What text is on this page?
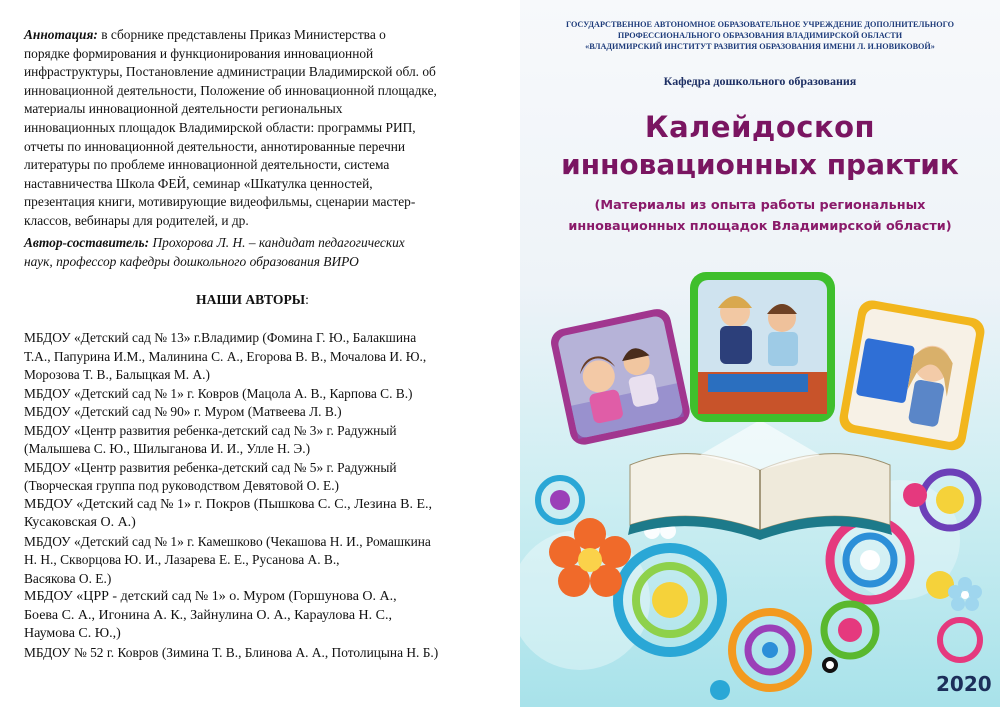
Аннотация: в сборнике представлены Приказ Министерства о
порядке формирования и функционирования инновационной
инфраструктуры, Постановление администрации Владимирской обл. об
инновационной деятельности, Положение об инновационной площадке,
материалы инновационной деятельности региональных
инновационных площадок Владимирской области: программы РИП,
отчеты по инновационной деятельности, аннотированные перечни
литературы по проблеме инновационной деятельности, система
наставничества Школа ФЕЙ, семинар «Шкатулка ценностей,
презентация книги, мотивирующие видеофильмы, сценарии мастер-
классов, вебинары для родителей, и др.
Автор-составитель: Прохорова Л. Н. – кандидат педагогических
наук, профессор кафедры дошкольного образования ВИРО
НАШИ АВТОРЫ:
МБДОУ «Детский сад № 13» г.Владимир (Фомина Г. Ю., Балакшина
Т.А., Папурина И.М., Малинина С. А., Егорова В. В., Мочалова И. Ю.,
Морозова Т. В., Балыцкая М. А.)
МБДОУ «Детский сад № 1» г. Ковров (Мацола А. В., Карпова С. В.)
МБДОУ «Детский сад № 90» г. Муром (Матвеева Л. В.)
МБДОУ «Центр развития ребенка-детский сад № 3» г. Радужный
(Малышева С. Ю., Шилыганова И. И., Улле Н. Э.)
МБДОУ «Центр развития ребенка-детский сад № 5» г. Радужный
(Творческая группа под руководством Девятовой О. Е.)
МБДОУ «Детский сад № 1» г. Покров (Пышкова С. С., Лезина В. Е.,
Кусаковская О. А.)
МБДОУ «Детский сад № 1» г. Камешково (Чекашова Н. И., Ромашкина
Н. Н., Скворцова Ю. И., Лазарева Е. Е., Русанова А. В.,
Васякова О. Е.)
МБДОУ «ЦРР - детский сад № 1» о. Муром (Горшунова О. А.,
Боева С. А., Игонина А. К., Зайнулина О. А., Караулова Н. С.,
Наумова С. Ю.,)
МБДОУ № 52 г. Ковров (Зимина Т. В., Блинова А. А., Потолицына Н. Б.)
ГОСУДАРСТВЕННОЕ АВТОНОМНОЕ ОБРАЗОВАТЕЛЬНОЕ УЧРЕЖДЕНИЕ ДОПОЛНИТЕЛЬНОГО
ПРОФЕССИОНАЛЬНОГО ОБРАЗОВАНИЯ ВЛАДИМИРСКОЙ ОБЛАСТИ
«ВЛАДИМИРСКИЙ ИНСТИТУТ РАЗВИТИЯ ОБРАЗОВАНИЯ ИМЕНИ Л. И.НОВИКОВОЙ»
Кафедра дошкольного образования
Калейдоскоп
инновационных практик
(Материалы из опыта работы региональных
инновационных площадок Владимирской области)
2020
